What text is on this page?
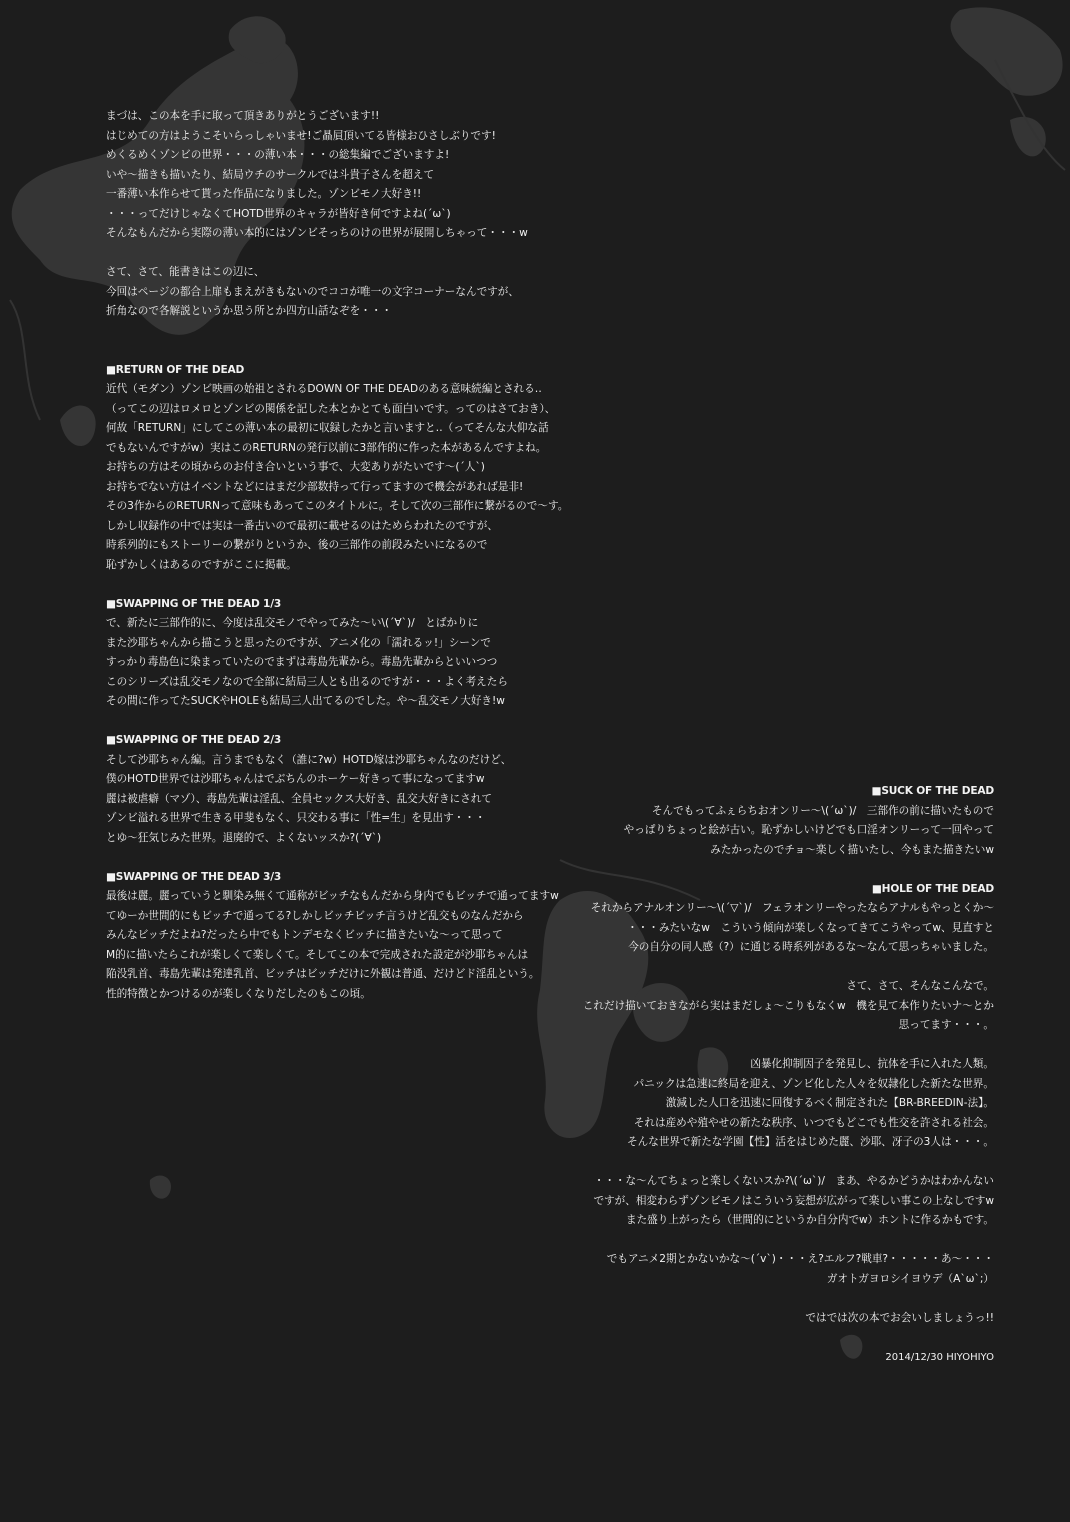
まづは、この本を手に取って頂きありがとうございます!!

はじめての方はようこそいらっしゃいませ!ご贔屓頂いてる皆様おひさしぶりです!

めくるめくゾンビの世界・・・の薄い本・・・の総集編でございますよ!

いや〜描きも描いたり、結局ウチのサークルでは斗貴子さんを超えて

一番薄い本作らせて貰った作品になりました。ゾンビモノ大好き!!

・・・ってだけじゃなくてHOTD世界のキャラが皆好き何ですよね(´ω`)

そんなもんだから実際の薄い本的にはゾンビそっちのけの世界が展開しちゃって・・・w

さて、さて、能書きはこの辺に、

今回はページの都合上扉もまえがきもないのでココが唯一の文字コーナーなんですが、

折角なので各解説というか思う所とか四方山話なぞを・・・

■RETURN OF THE DEAD

近代（モダン）ゾンビ映画の始祖とされるDOWN OF THE DEADのある意味続編とされる‥

（ってこの辺はロメロとゾンビの関係を記した本とかとても面白いです。ってのはさておき）、

何故「RETURN」にしてこの薄い本の最初に収録したかと言いますと‥（ってそんな大仰な話

でもないんですがw）実はこのRETURNの発行以前に3部作的に作った本があるんですよね。

お持ちの方はその頃からのお付き合いという事で、大変ありがたいです〜(´人`)

お持ちでない方はイベントなどにはまだ少部数持って行ってますので機会があれば是非!

その3作からのRETURNって意味もあってこのタイトルに。そして次の三部作に繋がるので〜す。

しかし収録作の中では実は一番古いので最初に載せるのはためらわれたのですが、

時系列的にもストーリーの繋がりというか、後の三部作の前段みたいになるので

恥ずかしくはあるのですがここに掲載。

■SWAPPING OF THE DEAD 1/3

で、新たに三部作的に、今度は乱交モノでやってみた〜い\(´∀`)/　とばかりに

また沙耶ちゃんから描こうと思ったのですが、アニメ化の「濡れるッ!」シーンで

すっかり毒島色に染まっていたのでまずは毒島先輩から。毒島先輩からといいつつ

このシリーズは乱交モノなので全部に結局三人とも出るのですが・・・よく考えたら

その間に作ってたSUCKやHOLEも結局三人出てるのでした。や〜乱交モノ大好き!w

■SWAPPING OF THE DEAD 2/3

そして沙耶ちゃん編。言うまでもなく（誰に?w）HOTD嫁は沙耶ちゃんなのだけど、

僕のHOTD世界では沙耶ちゃんはでぶちんのホーケー好きって事になってますw

麗は被虐癖（マゾ）、毒島先輩は淫乱、全員セックス大好き、乱交大好きにされて

ゾンビ溢れる世界で生きる甲斐もなく、只交わる事に「性=生」を見出す・・・

とゆ〜狂気じみた世界。退廃的で、よくないッスか?(´∀`)

■SWAPPING OF THE DEAD 3/3

最後は麗。麗っていうと馴染み無くて通称がビッチなもんだから身内でもビッチで通ってますw

てゆーか世間的にもビッチで通ってる?しかしビッチビッチ言うけど乱交ものなんだから

みんなビッチだよね?だったら中でもトンデモなくビッチに描きたいな〜って思って

M的に描いたらこれが楽しくて楽しくて。そしてこの本で完成された設定が沙耶ちゃんは

陥没乳首、毒島先輩は発達乳首、ビッチはビッチだけに外観は普通、だけどド淫乱という。

性的特徴とかつけるのが楽しくなりだしたのもこの頃。

■SUCK OF THE DEAD

そんでもってふぇらちおオンリー〜\(´ω`)/　三部作の前に描いたもので

やっぱりちょっと絵が古い。恥ずかしいけどでも口淫オンリーって一回やって

みたかったのでチョ〜楽しく描いたし、今もまた描きたいw

■HOLE OF THE DEAD

それからアナルオンリー〜\(´▽`)/　フェラオンリーやったならアナルもやっとくか〜

・・・みたいなw　こういう傾向が楽しくなってきてこうやってw、見直すと

今の自分の同人感（?）に通じる時系列があるな〜なんて思っちゃいました。

さて、さて、そんなこんなで。

これだけ描いておきながら実はまだしょ〜こりもなくw　機を見て本作りたいナ〜とか

思ってます・・・。

凶暴化抑制因子を発見し、抗体を手に入れた人類。

パニックは急速に終局を迎え、ゾンビ化した人々を奴隷化した新たな世界。

激減した人口を迅速に回復するべく制定された【BR-BREEDIN-法】。

それは産めや殖やせの新たな秩序、いつでもどこでも性交を許される社会。

そんな世界で新たな学園【性】活をはじめた麗、沙耶、冴子の3人は・・・。

・・・な〜んてちょっと楽しくないスか?\(´ω`)/　まあ、やるかどうかはわかんない

ですが、相変わらずゾンビモノはこういう妄想が広がって楽しい事この上なしですw

また盛り上がったら（世間的にというか自分内でw）ホントに作るかもです。

でもアニメ2期とかないかな〜(´v`)・・・え?エルフ?戦車?・・・・・あ〜・・・

ガオトガヨロシイヨウデ（A`ω`;）

ではでは次の本でお会いしましょうっ!!

2014/12/30 HIYOHIYO
